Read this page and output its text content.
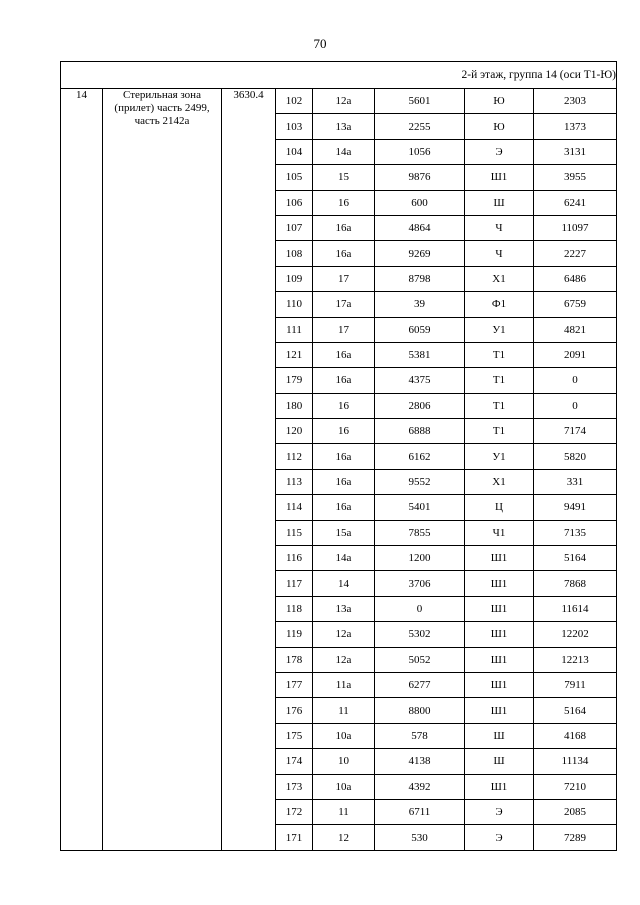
70
2-й этаж, группа 14 (оси Т1-Ю)							
14	Стерильная зона (прилет) часть 2499, часть 2142а	3630.4	102	12а	5601	Ю	2303
			103	13а	2255	Ю	1373
			104	14а	1056	Э	3131
			105	15	9876	Ш1	3955
			106	16	600	Ш	6241
			107	16а	4864	Ч	11097
			108	16а	9269	Ч	2227
			109	17	8798	Х1	6486
			110	17а	39	Ф1	6759
			111	17	6059	У1	4821
			121	16а	5381	Т1	2091
			179	16а	4375	Т1	0
			180	16	2806	Т1	0
			120	16	6888	Т1	7174
			112	16а	6162	У1	5820
			113	16а	9552	Х1	331
			114	16а	5401	Ц	9491
			115	15а	7855	Ч1	7135
			116	14а	1200	Ш1	5164
			117	14	3706	Ш1	7868
			118	13а	0	Ш1	11614
			119	12а	5302	Ш1	12202
			178	12а	5052	Ш1	12213
			177	11а	6277	Ш1	7911
			176	11	8800	Ш1	5164
			175	10а	578	Ш	4168
			174	10	4138	Ш	11134
			173	10а	4392	Ш1	7210
			172	11	6711	Э	2085
			171	12	530	Э	7289
